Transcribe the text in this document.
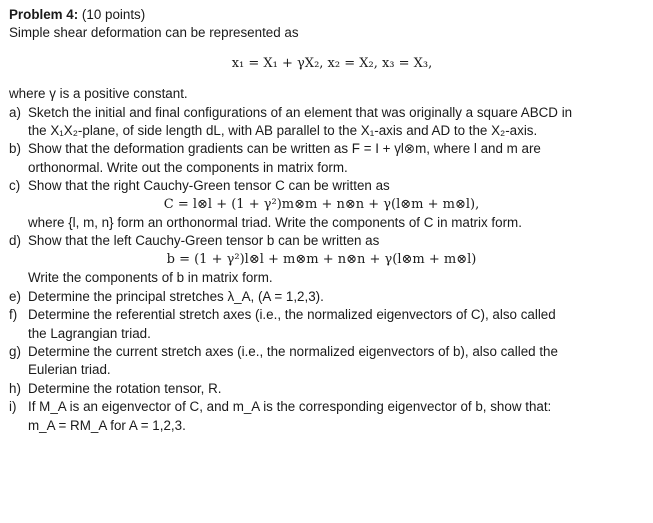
Problem 4: (10 points)
Simple shear deformation can be represented as
x₁ = X₁ + γX₂, x₂ = X₂, x₃ = X₃,
where γ is a positive constant.
a) Sketch the initial and final configurations of an element that was originally a square ABCD in
the X₁X₂-plane, of side length dL, with AB parallel to the X₁-axis and AD to the X₂-axis.
b) Show that the deformation gradients can be written as F = I + γl⊗m, where l and m are
orthonormal. Write out the components in matrix form.
c) Show that the right Cauchy-Green tensor C can be written as
C = l⊗l + (1 + γ²)m⊗m + n⊗n + γ(l⊗m + m⊗l),
where {l, m, n} form an orthonormal triad. Write the components of C in matrix form.
d) Show that the left Cauchy-Green tensor b can be written as
b = (1 + γ²)l⊗l + m⊗m + n⊗n + γ(l⊗m + m⊗l)
Write the components of b in matrix form.
e) Determine the principal stretches λ_A, (A = 1,2,3).
f) Determine the referential stretch axes (i.e., the normalized eigenvectors of C), also called
the Lagrangian triad.
g) Determine the current stretch axes (i.e., the normalized eigenvectors of b), also called the
Eulerian triad.
h) Determine the rotation tensor, R.
i) If M_A is an eigenvector of C, and m_A is the corresponding eigenvector of b, show that:
m_A = RM_A for A = 1,2,3.
